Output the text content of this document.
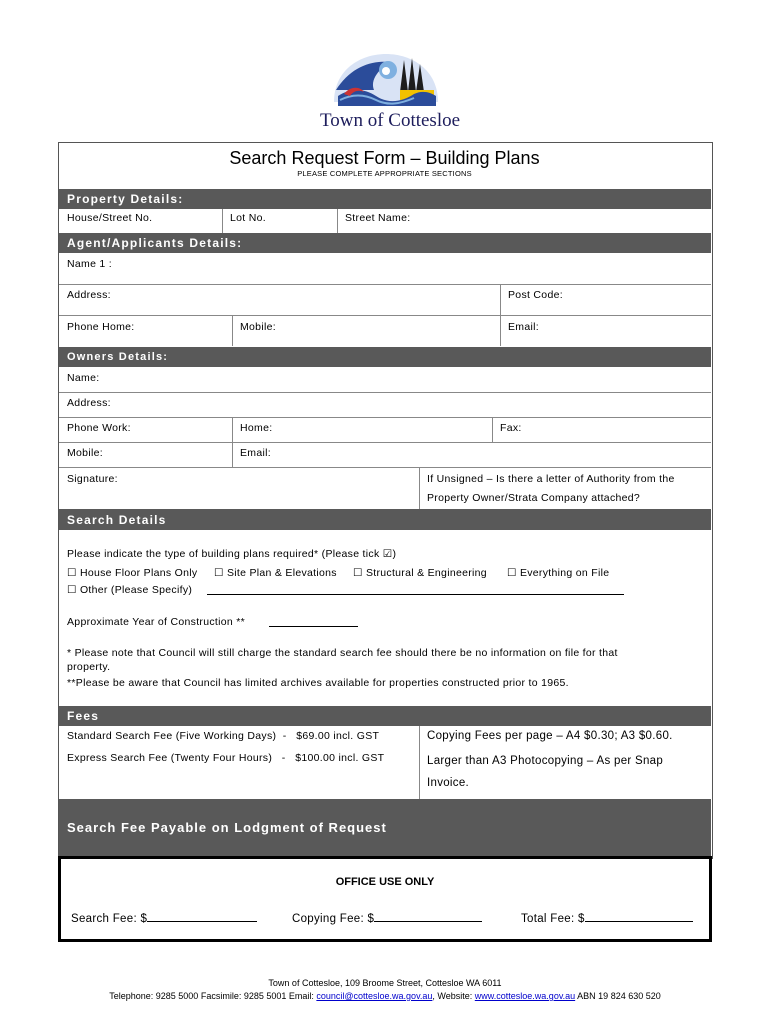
Town of Cottesloe
Search Request Form – Building Plans
PLEASE COMPLETE APPROPRIATE SECTIONS
Property Details:
House/Street No.	Lot No.	Street Name:
Agent/Applicants Details:
Name 1 :
Address:	Post Code:
Phone Home:	Mobile:	Email:
Owners Details:
Name:
Address:
Phone Work:	Home:	Fax:
Mobile:	Email:
Signature:	If Unsigned – Is there a letter of Authority from the
Property Owner/Strata Company attached?
Search Details
Please indicate the type of building plans required* (Please tick ☑)
☐ House Floor Plans Only ☐ Site Plan & Elevations ☐ Structural & Engineering ☐ Everything on File
☐ Other (Please Specify)
Approximate Year of Construction **
* Please note that Council will still charge the standard search fee should there be no information on file for that
property.
**Please be aware that Council has limited archives available for properties constructed prior to 1965.
Fees
Standard Search Fee (Five Working Days)  -   $69.00 incl. GST
Express Search Fee (Twenty Four Hours)   -   $100.00 incl. GST
Copying Fees per page – A4 $0.30; A3 $0.60.
Larger than A3 Photocopying – As per Snap
Invoice.
Search Fee Payable on Lodgment of Request
OFFICE USE ONLY
Search Fee: $	Copying Fee: $	Total Fee: $
Town of Cottesloe, 109 Broome Street, Cottesloe WA 6011
Telephone: 9285 5000 Facsimile: 9285 5001 Email: council@cottesloe.wa.gov.au, Website: www.cottesloe.wa.gov.au ABN 19 824 630 520
